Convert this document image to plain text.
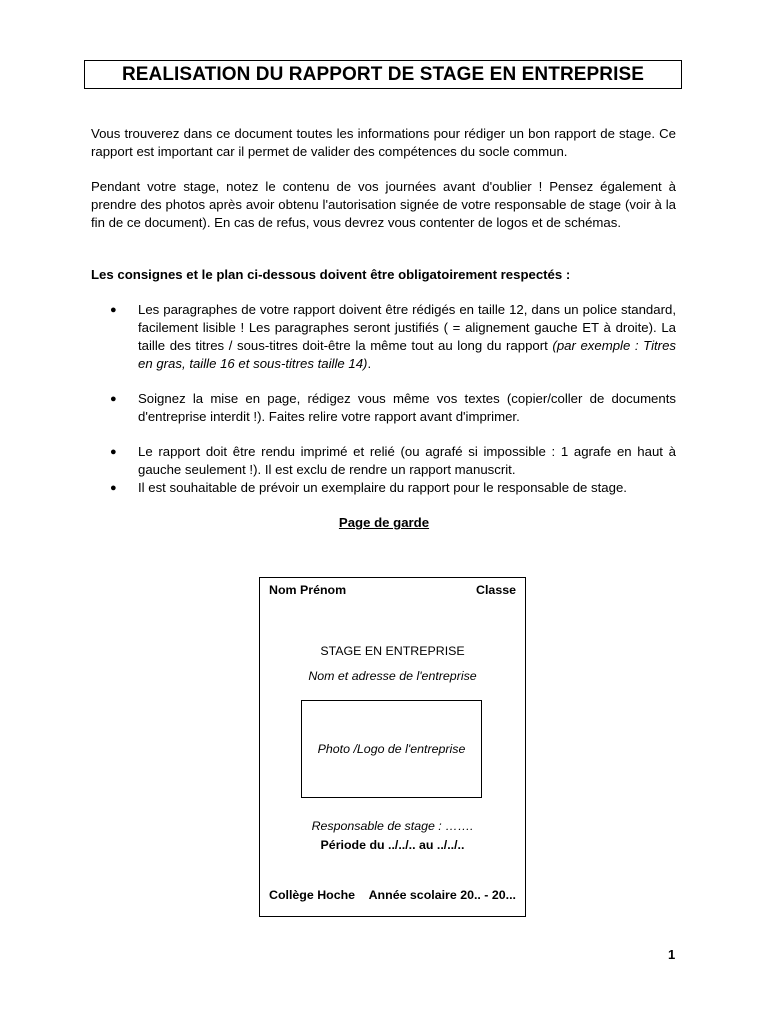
REALISATION DU RAPPORT DE STAGE EN ENTREPRISE

Vous trouverez dans ce document toutes les informations pour rédiger un bon rapport de stage. Ce rapport est important car il permet de valider des compétences du socle commun.

Pendant votre stage, notez le contenu de vos journées avant d'oublier ! Pensez également à prendre des photos après avoir obtenu l'autorisation signée de votre responsable de stage (voir à la fin de ce document). En cas de refus, vous devrez vous contenter de logos et de schémas.

Les consignes et le plan ci-dessous doivent être obligatoirement respectés :

● Les paragraphes de votre rapport doivent être rédigés en taille 12, dans un police standard, facilement lisible ! Les paragraphes seront justifiés ( = alignement gauche ET à droite). La taille des titres / sous-titres doit-être la même tout au long du rapport (par exemple : Titres en gras, taille 16 et sous-titres taille 14).
● Soignez la mise en page, rédigez vous même vos textes (copier/coller de documents d'entreprise interdit !). Faites relire votre rapport avant d'imprimer.
● Le rapport doit être rendu imprimé et relié (ou agrafé si impossible : 1 agrafe en haut à gauche seulement !). Il est exclu de rendre un rapport manuscrit.
● Il est souhaitable de prévoir un exemplaire du rapport pour le responsable de stage.
Page de garde
Nom Prénom	Classe
STAGE EN ENTREPRISE
Nom et adresse de l'entreprise
Photo /Logo de l'entreprise
Responsable de stage : …….
Période du ../../.. au ../../..
Collège Hoche Année scolaire 20.. - 20...
1
